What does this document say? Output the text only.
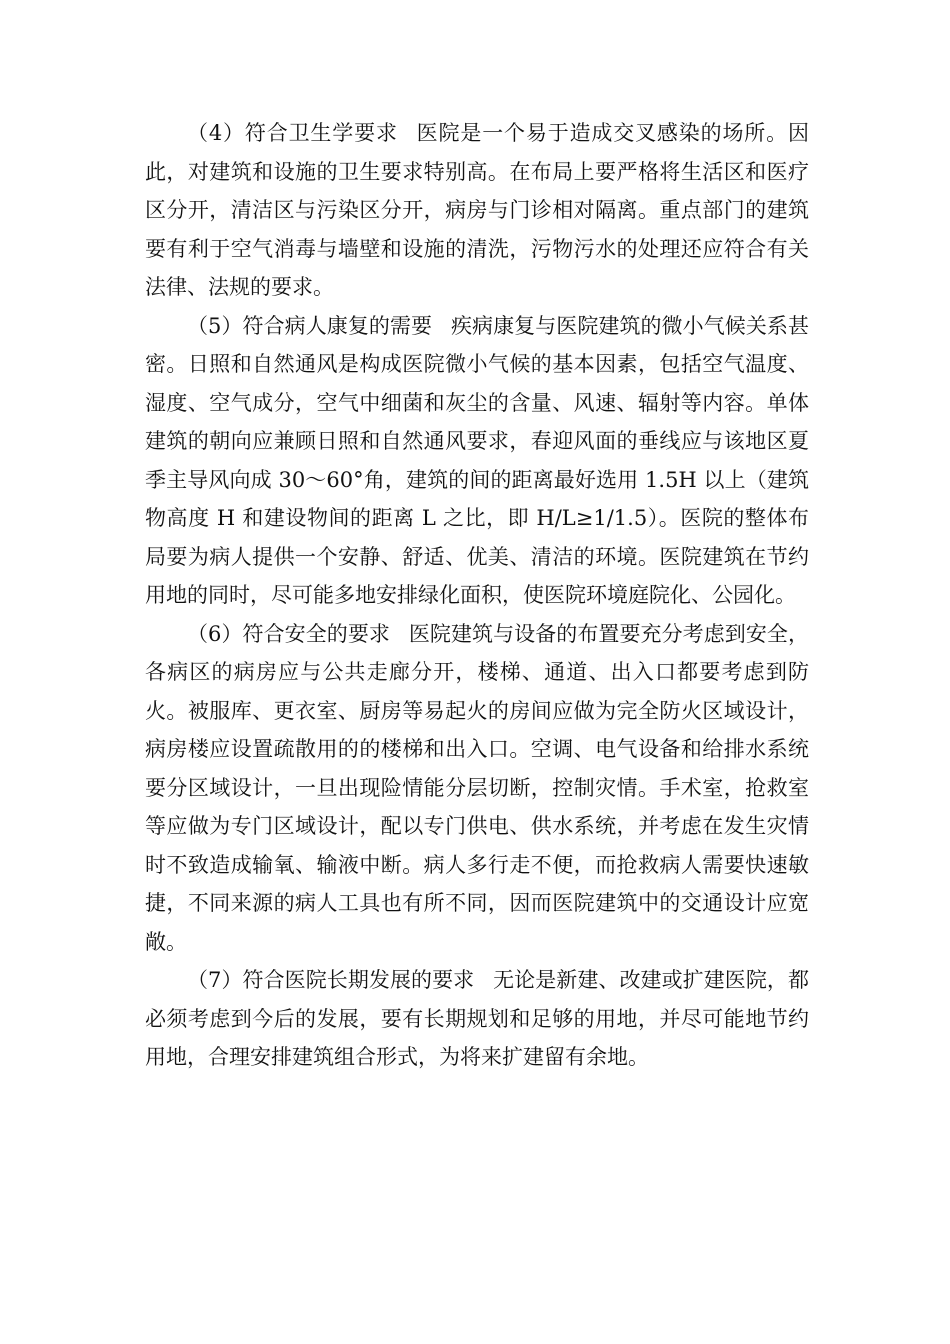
（4）符合卫生学要求 医院是一个易于造成交叉感染的场所。因此，对建筑和设施的卫生要求特别高。在布局上要严格将生活区和医疗区分开，清洁区与污染区分开，病房与门诊相对隔离。重点部门的建筑要有利于空气消毒与墙壁和设施的清洗，污物污水的处理还应符合有关法律、法规的要求。

（5）符合病人康复的需要 疾病康复与医院建筑的微小气候关系甚密。日照和自然通风是构成医院微小气候的基本因素，包括空气温度、湿度、空气成分，空气中细菌和灰尘的含量、风速、辐射等内容。单体建筑的朝向应兼顾日照和自然通风要求，春迎风面的垂线应与该地区夏季主导风向成 30～60°角，建筑的间的距离最好选用 1.5H 以上（建筑物高度 H 和建设物间的距离 L 之比，即 H/L≥1/1.5）。医院的整体布局要为病人提供一个安静、舒适、优美、清洁的环境。医院建筑在节约用地的同时，尽可能多地安排绿化面积，使医院环境庭院化、公园化。

（6）符合安全的要求 医院建筑与设备的布置要充分考虑到安全，各病区的病房应与公共走廊分开，楼梯、通道、出入口都要考虑到防火。被服库、更衣室、厨房等易起火的房间应做为完全防火区域设计，病房楼应设置疏散用的的楼梯和出入口。空调、电气设备和给排水系统要分区域设计，一旦出现险情能分层切断，控制灾情。手术室，抢救室等应做为专门区域设计，配以专门供电、供水系统，并考虑在发生灾情时不致造成输氧、输液中断。病人多行走不便，而抢救病人需要快速敏捷，不同来源的病人工具也有所不同，因而医院建筑中的交通设计应宽敞。

（7）符合医院长期发展的要求 无论是新建、改建或扩建医院，都必须考虑到今后的发展，要有长期规划和足够的用地，并尽可能地节约用地，合理安排建筑组合形式，为将来扩建留有余地。
